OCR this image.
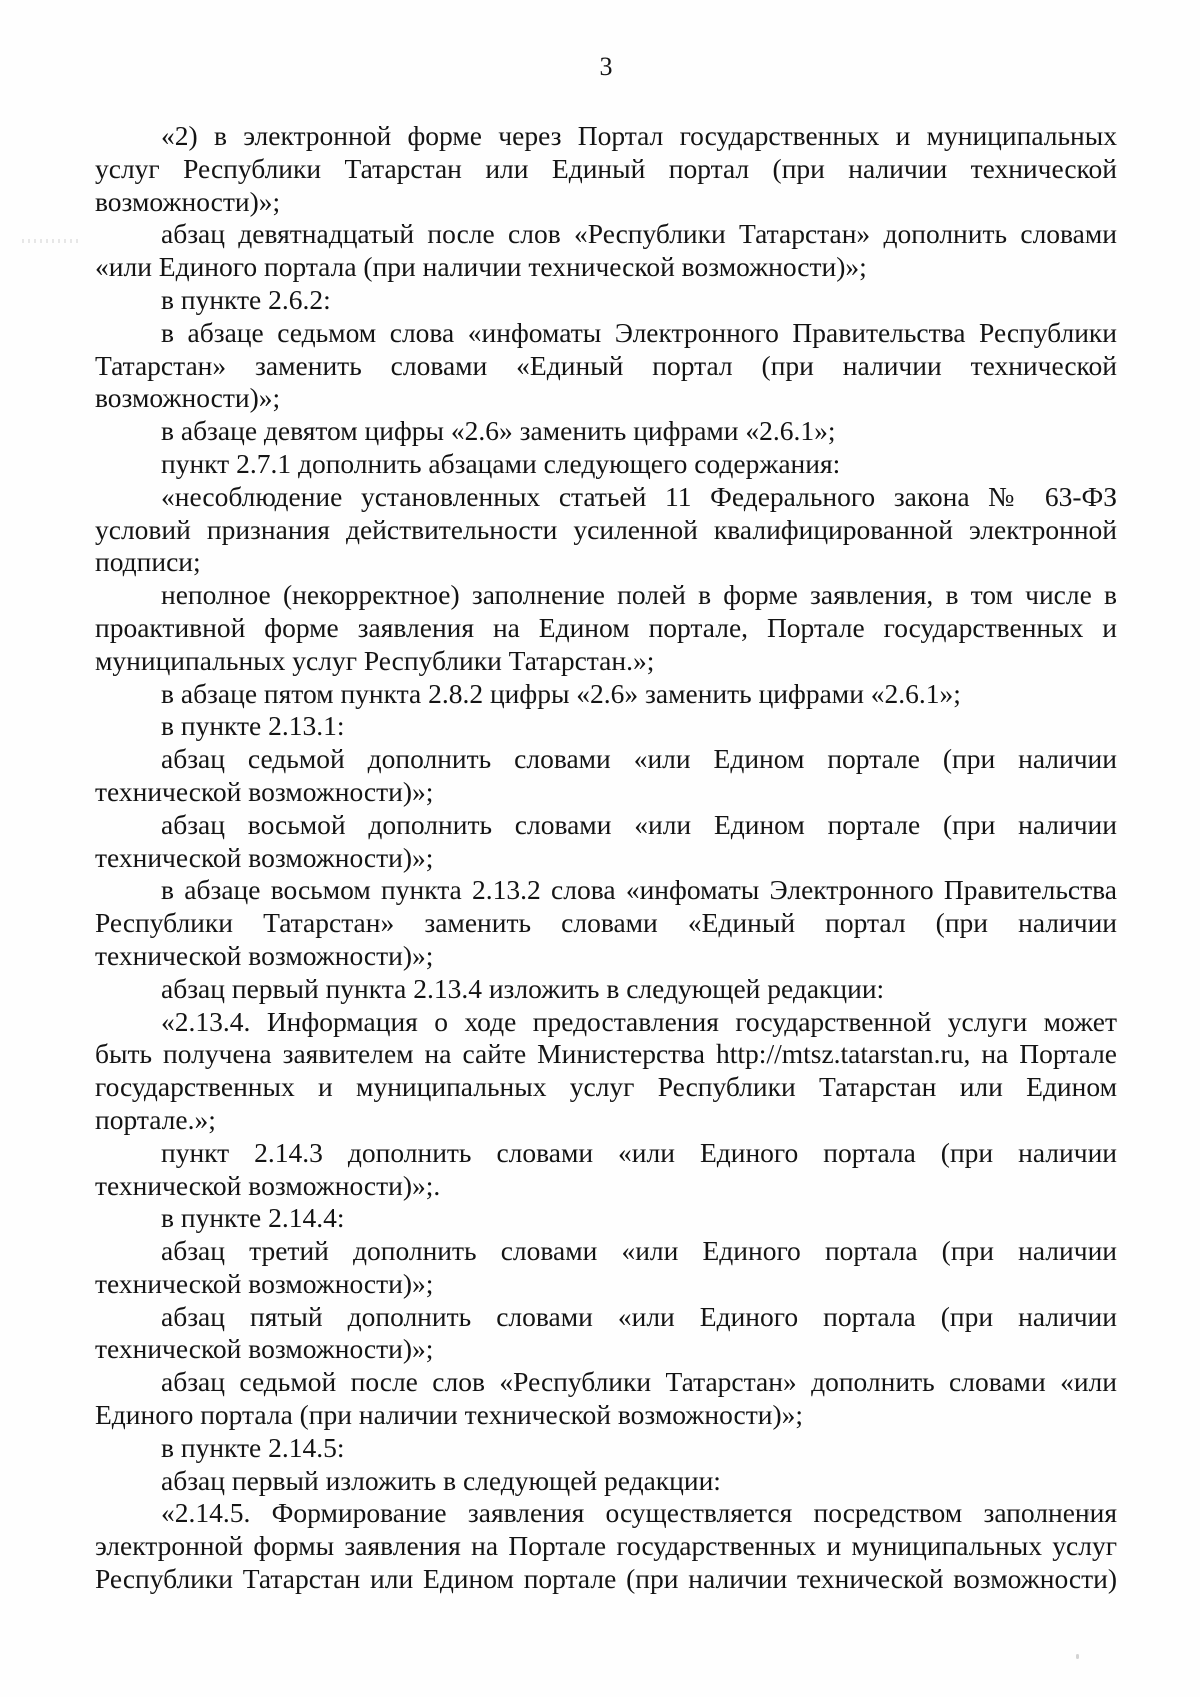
3
«2) в электронной форме через Портал государственных и муниципальных
услуг Республики Татарстан или Единый портал (при наличии технической
возможности)»;
абзац девятнадцатый после слов «Республики Татарстан» дополнить словами
«или Единого портала (при наличии технической возможности)»;
в пункте 2.6.2:
в абзаце седьмом слова «инфоматы Электронного Правительства Республики
Татарстан» заменить словами «Единый портал (при наличии технической
возможности)»;
в абзаце девятом цифры «2.6» заменить цифрами «2.6.1»;
пункт 2.7.1 дополнить абзацами следующего содержания:
«несоблюдение установленных статьей 11 Федерального закона № 63-ФЗ
условий признания действительности усиленной квалифицированной электронной
подписи;
неполное (некорректное) заполнение полей в форме заявления, в том числе в
проактивной форме заявления на Едином портале, Портале государственных и
муниципальных услуг Республики Татарстан.»;
в абзаце пятом пункта 2.8.2 цифры «2.6» заменить цифрами «2.6.1»;
в пункте 2.13.1:
абзац седьмой дополнить словами «или Едином портале (при наличии
технической возможности)»;
абзац восьмой дополнить словами «или Едином портале (при наличии
технической возможности)»;
в абзаце восьмом пункта 2.13.2 слова «инфоматы Электронного Правительства
Республики Татарстан» заменить словами «Единый портал (при наличии
технической возможности)»;
абзац первый пункта 2.13.4 изложить в следующей редакции:
«2.13.4. Информация о ходе предоставления государственной услуги может
быть получена заявителем на сайте Министерства http://mtsz.tatarstan.ru, на Портале
государственных и муниципальных услуг Республики Татарстан или Едином
портале.»;
пункт 2.14.3 дополнить словами «или Единого портала (при наличии
технической возможности)»;.
в пункте 2.14.4:
абзац третий дополнить словами «или Единого портала (при наличии
технической возможности)»;
абзац пятый дополнить словами «или Единого портала (при наличии
технической возможности)»;
абзац седьмой после слов «Республики Татарстан» дополнить словами «или
Единого портала (при наличии технической возможности)»;
в пункте 2.14.5:
абзац первый изложить в следующей редакции:
«2.14.5. Формирование заявления осуществляется посредством заполнения
электронной формы заявления на Портале государственных и муниципальных услуг
Республики Татарстан или Едином портале (при наличии технической возможности)
